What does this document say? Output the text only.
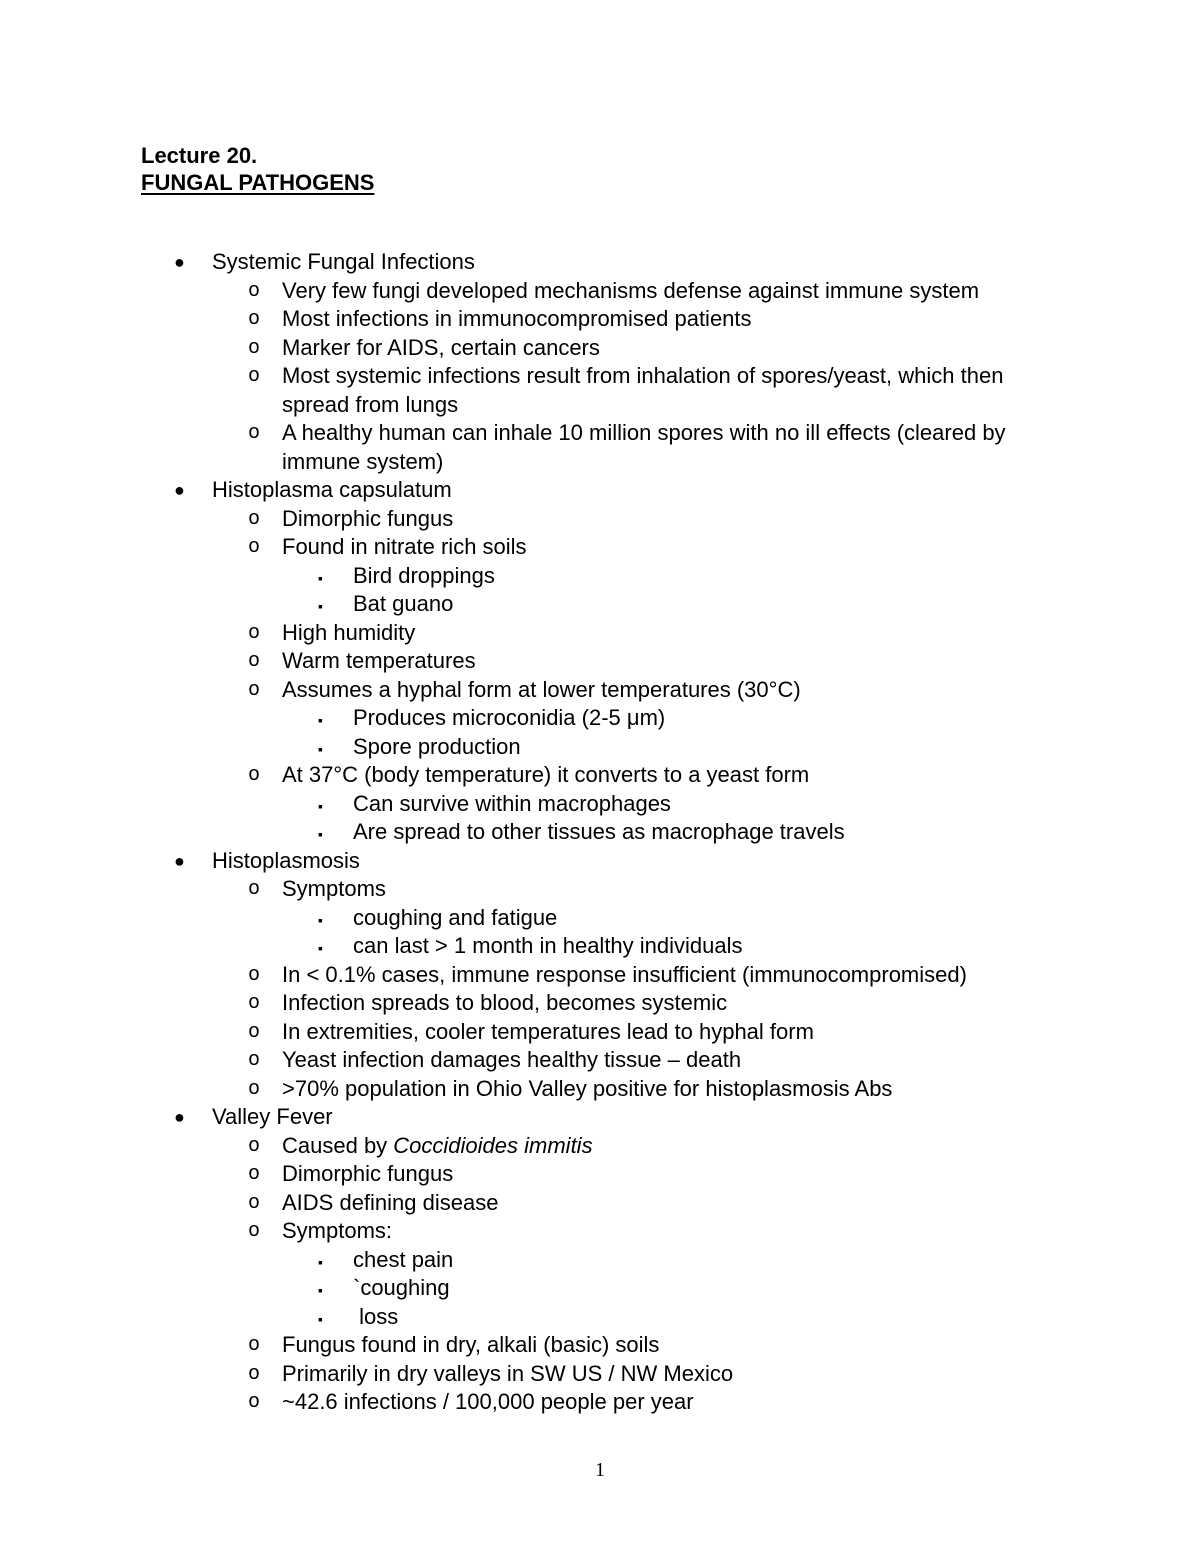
Lecture 20.
FUNGAL PATHOGENS
● Systemic Fungal Infections
o Very few fungi developed mechanisms defense against immune system
o Most infections in immunocompromised patients
o Marker for AIDS, certain cancers
o Most systemic infections result from inhalation of spores/yeast, which then spread from lungs
o A healthy human can inhale 10 million spores with no ill effects (cleared by immune system)
● Histoplasma capsulatum
o Dimorphic fungus
o Found in nitrate rich soils
▪ Bird droppings
▪ Bat guano
o High humidity
o Warm temperatures
o Assumes a hyphal form at lower temperatures (30°C)
▪ Produces microconidia (2-5 μm)
▪ Spore production
o At 37°C (body temperature) it converts to a yeast form
▪ Can survive within macrophages
▪ Are spread to other tissues as macrophage travels
● Histoplasmosis
o Symptoms
▪ coughing and fatigue
▪ can last > 1 month in healthy individuals
o In < 0.1% cases, immune response insufficient (immunocompromised)
o Infection spreads to blood, becomes systemic
o In extremities, cooler temperatures lead to hyphal form
o Yeast infection damages healthy tissue – death
o >70% population in Ohio Valley positive for histoplasmosis Abs
● Valley Fever
o Caused by Coccidioides immitis
o Dimorphic fungus
o AIDS defining disease
o Symptoms:
▪ chest pain
▪ `coughing
▪ loss
o Fungus found in dry, alkali (basic) soils
o Primarily in dry valleys in SW US / NW Mexico
o ~42.6 infections / 100,000 people per year
1
